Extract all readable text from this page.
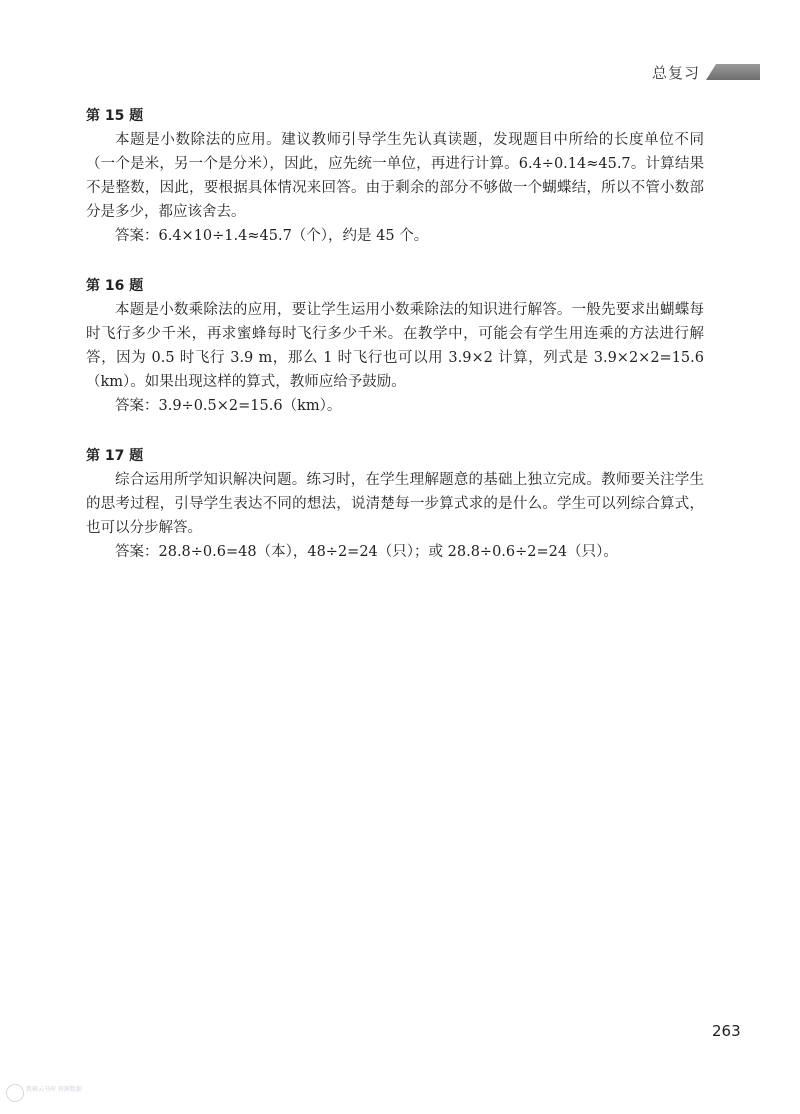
总复习

第 15 题

本题是小数除法的应用。建议教师引导学生先认真读题，发现题目中所给的长度单位不同（一个是米，另一个是分米），因此，应先统一单位，再进行计算。6.4÷0.14≈45.7。计算结果不是整数，因此，要根据具体情况来回答。由于剩余的部分不够做一个蝴蝶结，所以不管小数部分是多少，都应该舍去。

答案：6.4×10÷1.4≈45.7（个），约是 45 个。

第 16 题

本题是小数乘除法的应用，要让学生运用小数乘除法的知识进行解答。一般先要求出蝴蝶每时飞行多少千米，再求蜜蜂每时飞行多少千米。在教学中，可能会有学生用连乘的方法进行解答，因为 0.5 时飞行 3.9 m，那么 1 时飞行也可以用 3.9×2 计算，列式是 3.9×2×2=15.6（km）。如果出现这样的算式，教师应给予鼓励。

答案：3.9÷0.5×2=15.6（km）。

第 17 题

综合运用所学知识解决问题。练习时，在学生理解题意的基础上独立完成。教师要关注学生的思考过程，引导学生表达不同的想法，说清楚每一步算式求的是什么。学生可以列综合算式，也可以分步解答。

答案：28.8÷0.6=48（本），48÷2=24（只）；或 28.8÷0.6÷2=24（只）。

263
教辅云书库 资源数据
